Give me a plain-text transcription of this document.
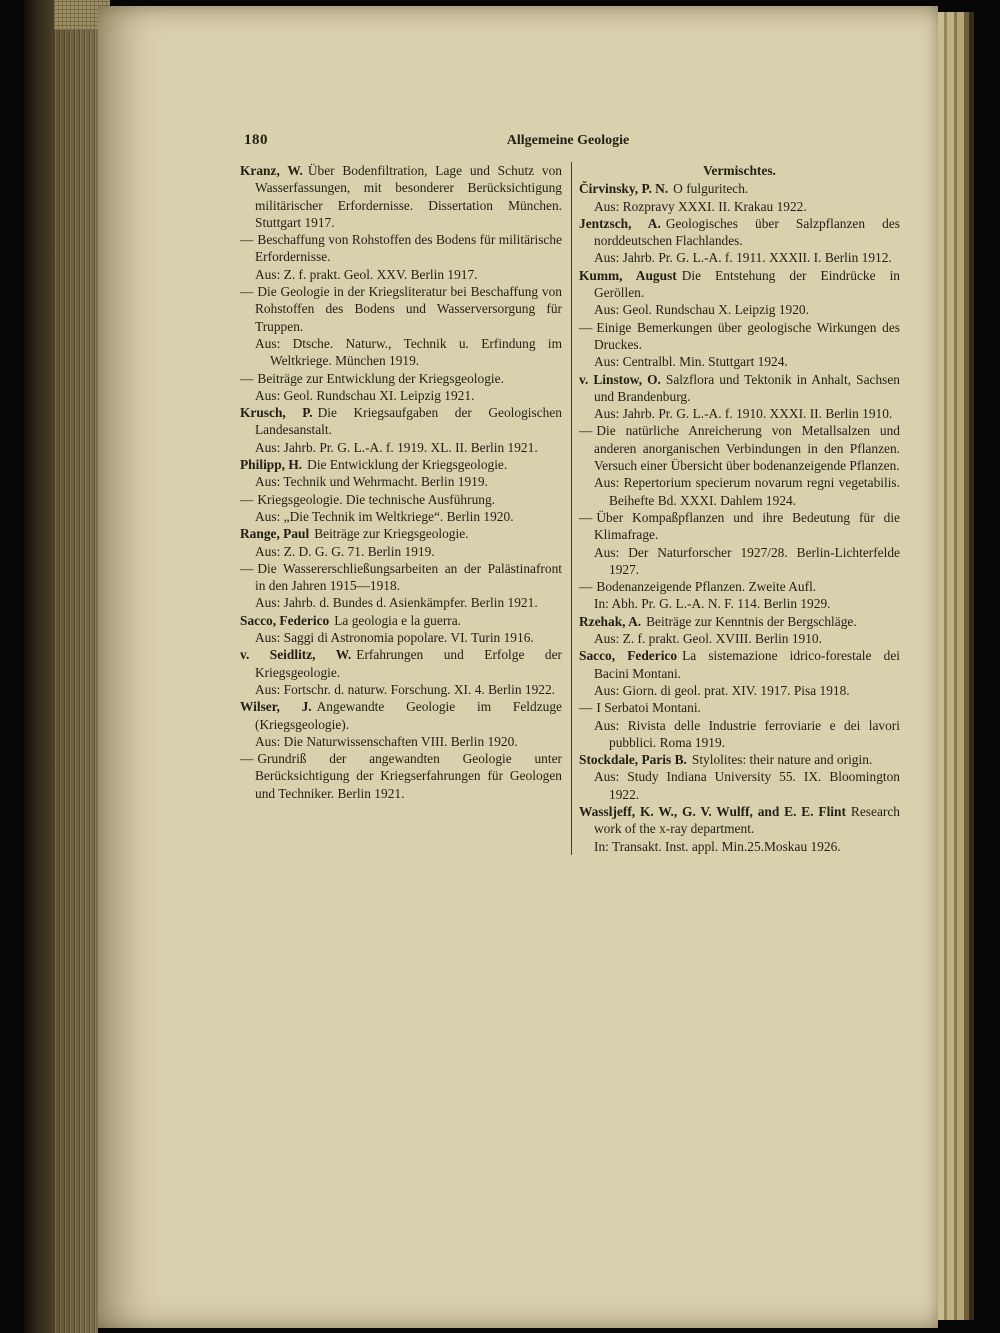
180	Allgemeine Geologie

Kranz, W. Über Bodenfiltration, Lage und Schutz von Wasserfassungen, mit besonderer Berücksichtigung militärischer Erfordernisse. Dissertation München. Stuttgart 1917.

— Beschaffung von Rohstoffen des Bodens für militärische Erfordernisse.

Aus: Z. f. prakt. Geol. XXV. Berlin 1917.

— Die Geologie in der Kriegsliteratur bei Beschaffung von Rohstoffen des Bodens und Wasserversorgung für Truppen.

Aus: Dtsche. Naturw., Technik u. Erfindung im Weltkriege. München 1919.

— Beiträge zur Entwicklung der Kriegsgeologie.

Aus: Geol. Rundschau XI. Leipzig 1921.

Krusch, P. Die Kriegsaufgaben der Geologischen Landesanstalt.

Aus: Jahrb. Pr. G. L.-A. f. 1919. XL. II. Berlin 1921.

Philipp, H. Die Entwicklung der Kriegsgeologie.

Aus: Technik und Wehrmacht. Berlin 1919.

— Kriegsgeologie. Die technische Ausführung.

Aus: „Die Technik im Weltkriege“. Berlin 1920.

Range, Paul Beiträge zur Kriegsgeologie.

Aus: Z. D. G. G. 71. Berlin 1919.

— Die Wassererschließungsarbeiten an der Palästinafront in den Jahren 1915—1918.

Aus: Jahrb. d. Bundes d. Asienkämpfer. Berlin 1921.

Sacco, Federico La geologia e la guerra.

Aus: Saggi di Astronomia popolare. VI. Turin 1916.

v. Seidlitz, W. Erfahrungen und Erfolge der Kriegsgeologie.

Aus: Fortschr. d. naturw. Forschung. XI. 4. Berlin 1922.

Wilser, J. Angewandte Geologie im Feldzuge (Kriegsgeologie).

Aus: Die Naturwissenschaften VIII. Berlin 1920.

— Grundriß der angewandten Geologie unter Berücksichtigung der Kriegserfahrungen für Geologen und Techniker. Berlin 1921.

Vermischtes.

Čirvinsky, P. N. O fulguritech.

Aus: Rozpravy XXXI. II. Krakau 1922.

Jentzsch, A. Geologisches über Salzpflanzen des norddeutschen Flachlandes.

Aus: Jahrb. Pr. G. L.-A. f. 1911. XXXII. I. Berlin 1912.

Kumm, August Die Entstehung der Eindrücke in Geröllen.

Aus: Geol. Rundschau X. Leipzig 1920.

— Einige Bemerkungen über geologische Wirkungen des Druckes.

Aus: Centralbl. Min. Stuttgart 1924.

v. Linstow, O. Salzflora und Tektonik in Anhalt, Sachsen und Brandenburg.

Aus: Jahrb. Pr. G. L.-A. f. 1910. XXXI. II. Berlin 1910.

— Die natürliche Anreicherung von Metallsalzen und anderen anorganischen Verbindungen in den Pflanzen. Versuch einer Übersicht über bodenanzeigende Pflanzen.

Aus: Repertorium specierum novarum regni vegetabilis. Beihefte Bd. XXXI. Dahlem 1924.

— Über Kompaßpflanzen und ihre Bedeutung für die Klimafrage.

Aus: Der Naturforscher 1927/28. Berlin-Lichterfelde 1927.

— Bodenanzeigende Pflanzen. Zweite Aufl.

In: Abh. Pr. G. L.-A. N. F. 114. Berlin 1929.

Rzehak, A. Beiträge zur Kenntnis der Bergschläge.

Aus: Z. f. prakt. Geol. XVIII. Berlin 1910.

Sacco, Federico La sistemazione idrico-forestale dei Bacini Montani.

Aus: Giorn. di geol. prat. XIV. 1917. Pisa 1918.

— I Serbatoi Montani.

Aus: Rivista delle Industrie ferroviarie e dei lavori pubblici. Roma 1919.

Stockdale, Paris B. Stylolites: their nature and origin.

Aus: Study Indiana University 55. IX. Bloomington 1922.

Wassljeff, K. W., G. V. Wulff, and E. E. Flint Research work of the x-ray department.

In: Transakt. Inst. appl. Min.25.Moskau 1926.
